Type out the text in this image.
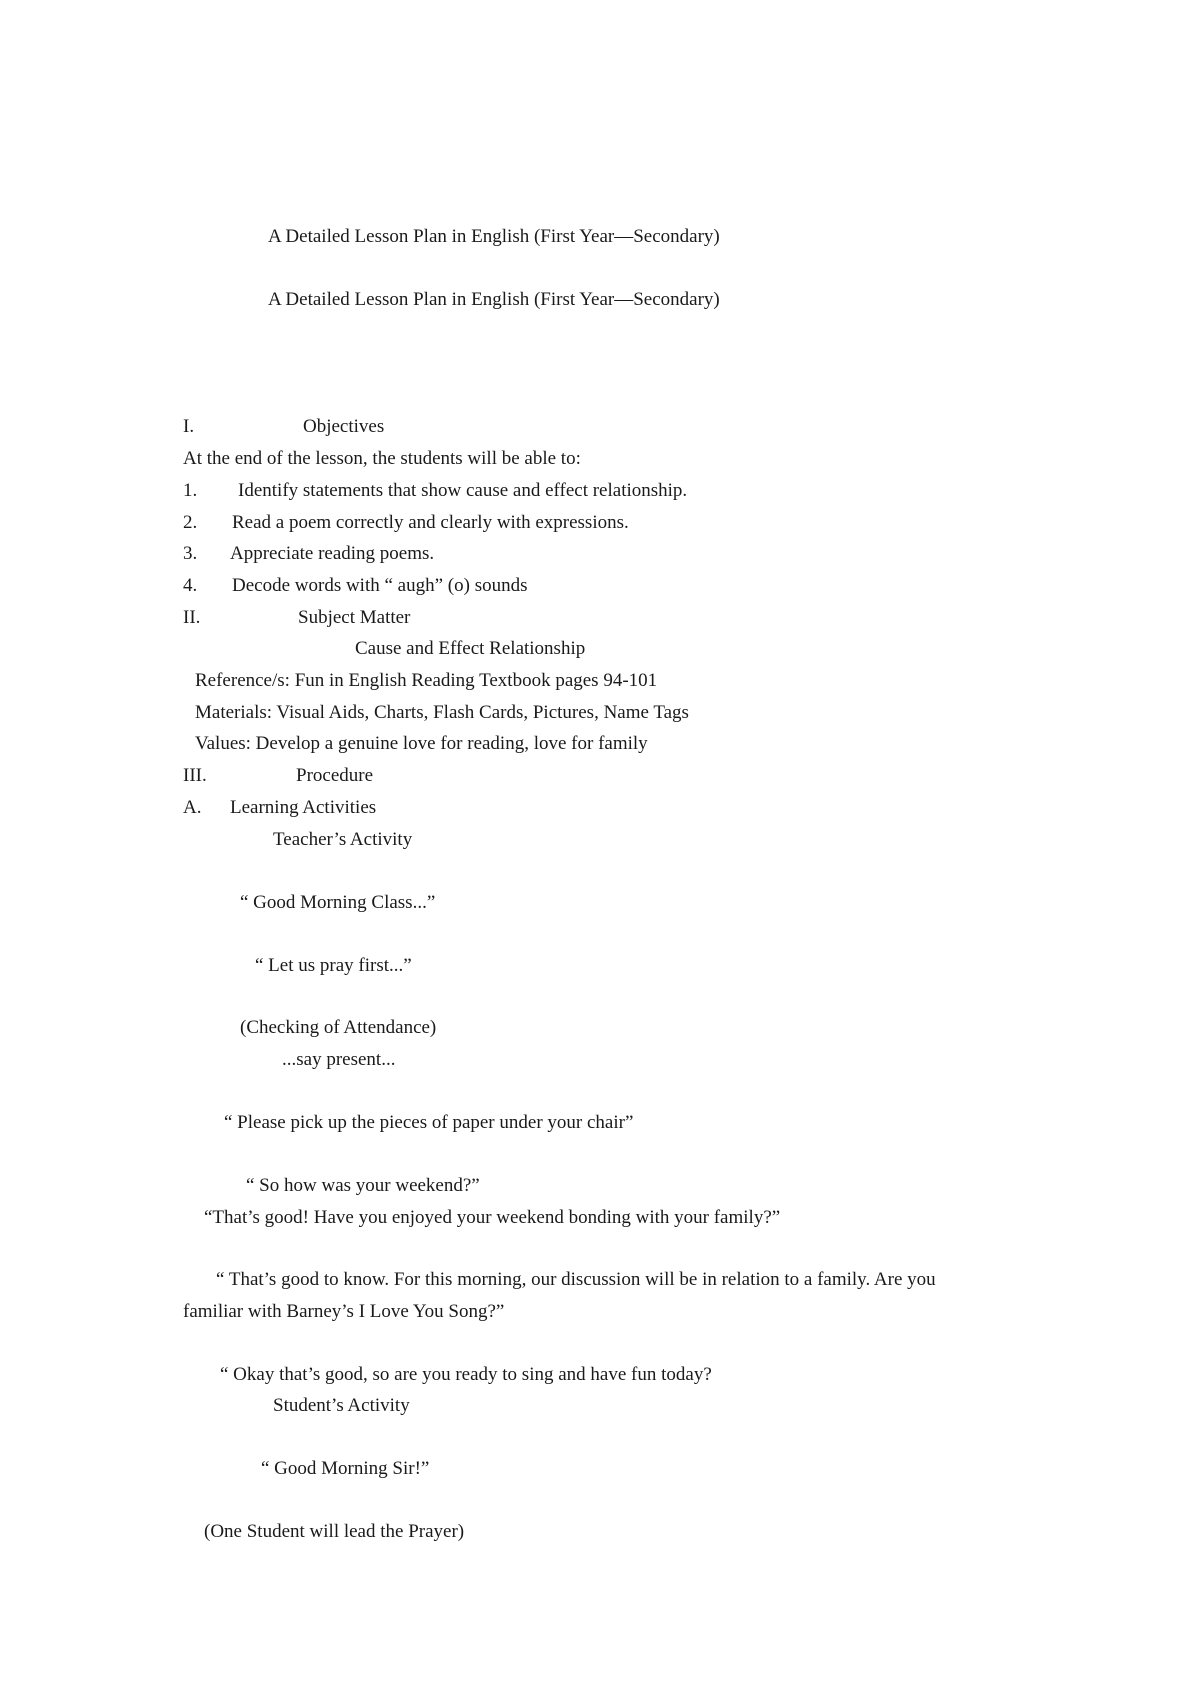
A Detailed Lesson Plan in English (First Year—Secondary)
A Detailed Lesson Plan in English (First Year—Secondary)
I.	Objectives
At the end of the lesson, the students will be able to:
1. Identify statements that show cause and effect relationship.
2. Read a poem correctly and clearly with expressions.
3. Appreciate reading poems.
4. Decode words with “ augh” (o) sounds
II.	Subject Matter
Cause and Effect Relationship
Reference/s: Fun in English Reading Textbook pages 94-101
Materials: Visual Aids, Charts, Flash Cards, Pictures, Name Tags
Values: Develop a genuine love for reading, love for family
III.	Procedure
A. Learning Activities
Teacher’s Activity
“ Good Morning Class...”
“ Let us pray first...”
(Checking of Attendance)
...say present...
“ Please pick up the pieces of paper under your chair”
“ So how was your weekend?”
“That’s good! Have you enjoyed your weekend bonding with your family?”
“ That’s good to know. For this morning, our discussion will be in relation to a family. Are you
familiar with Barney’s I Love You Song?”
“ Okay that’s good, so are you ready to sing and have fun today?
Student’s Activity
“ Good Morning Sir!”
(One Student will lead the Prayer)
